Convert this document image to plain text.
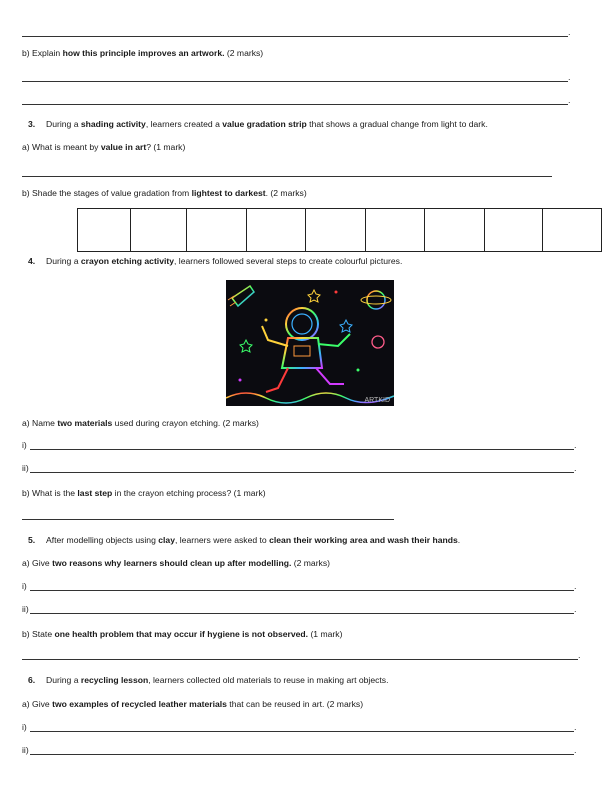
.
b) Explain how this principle improves an artwork. (2 marks)
.
.
3. During a shading activity, learners created a value gradation strip that shows a gradual change from light to dark.
a) What is meant by value in art? (1 mark)
b) Shade the stages of value gradation from lightest to darkest. (2 marks)

4. During a crayon etching activity, learners followed several steps to create colourful pictures.
ARTKID
a) Name two materials used during crayon etching. (2 marks)
i)	.
ii)	.
b) What is the last step in the crayon etching process? (1 mark)
5. After modelling objects using clay, learners were asked to clean their working area and wash their hands.
a) Give two reasons why learners should clean up after modelling. (2 marks)
i)	.
ii)	.
b) State one health problem that may occur if hygiene is not observed. (1 mark)
.
6. During a recycling lesson, learners collected old materials to reuse in making art objects.
a) Give two examples of recycled leather materials that can be reused in art. (2 marks)
i)	.
ii)	.
